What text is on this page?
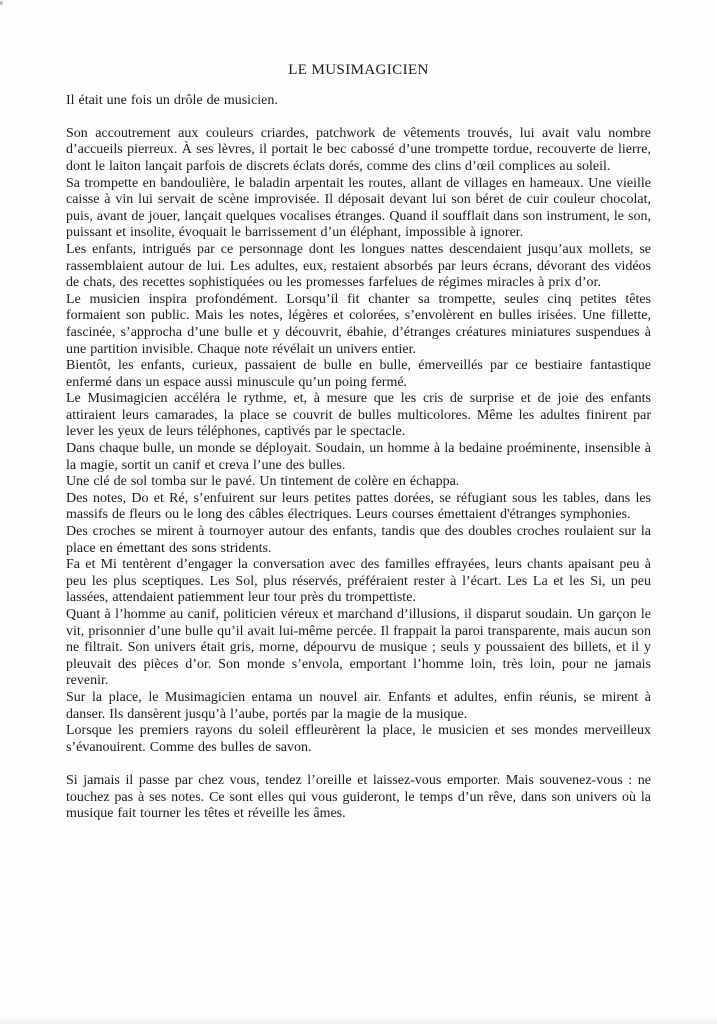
LE MUSIMAGICIEN

Il était une fois un drôle de musicien.

Son accoutrement aux couleurs criardes, patchwork de vêtements trouvés, lui avait valu nombre d’accueils pierreux. À ses lèvres, il portait le bec cabossé d’une trompette tordue, recouverte de lierre, dont le laiton lançait parfois de discrets éclats dorés, comme des clins d’œil complices au soleil.

Sa trompette en bandoulière, le baladin arpentait les routes, allant de villages en hameaux. Une vieille caisse à vin lui servait de scène improvisée. Il déposait devant lui son béret de cuir couleur chocolat, puis, avant de jouer, lançait quelques vocalises étranges. Quand il soufflait dans son instrument, le son, puissant et insolite, évoquait le barrissement d’un éléphant, impossible à ignorer.

Les enfants, intrigués par ce personnage dont les longues nattes descendaient jusqu’aux mollets, se rassemblaient autour de lui. Les adultes, eux, restaient absorbés par leurs écrans, dévorant des vidéos de chats, des recettes sophistiquées ou les promesses farfelues de régimes miracles à prix d’or.

Le musicien inspira profondément. Lorsqu’il fit chanter sa trompette, seules cinq petites têtes formaient son public. Mais les notes, légères et colorées, s’envolèrent en bulles irisées. Une fillette, fascinée, s’approcha d’une bulle et y découvrit, ébahie, d’étranges créatures miniatures suspendues à une partition invisible. Chaque note révélait un univers entier.

Bientôt, les enfants, curieux, passaient de bulle en bulle, émerveillés par ce bestiaire fantastique enfermé dans un espace aussi minuscule qu’un poing fermé.

Le Musimagicien accéléra le rythme, et, à mesure que les cris de surprise et de joie des enfants attiraient leurs camarades, la place se couvrit de bulles multicolores. Même les adultes finirent par lever les yeux de leurs téléphones, captivés par le spectacle.

Dans chaque bulle, un monde se déployait. Soudain, un homme à la bedaine proéminente, insensible à la magie, sortit un canif et creva l’une des bulles.

Une clé de sol tomba sur le pavé. Un tintement de colère en échappa.

Des notes, Do et Ré, s’enfuirent sur leurs petites pattes dorées, se réfugiant sous les tables, dans les massifs de fleurs ou le long des câbles électriques. Leurs courses émettaient d'étranges symphonies.

Des croches se mirent à tournoyer autour des enfants, tandis que des doubles croches roulaient sur la place en émettant des sons stridents.

Fa et Mi tentèrent d’engager la conversation avec des familles effrayées, leurs chants apaisant peu à peu les plus sceptiques. Les Sol, plus réservés, préféraient rester à l’écart. Les La et les Si, un peu lassées, attendaient patiemment leur tour près du trompettiste.

Quant à l’homme au canif, politicien véreux et marchand d’illusions, il disparut soudain. Un garçon le vit, prisonnier d’une bulle qu’il avait lui-même percée. Il frappait la paroi transparente, mais aucun son ne filtrait. Son univers était gris, morne, dépourvu de musique ; seuls y poussaient des billets, et il y pleuvait des pièces d’or. Son monde s’envola, emportant l’homme loin, très loin, pour ne jamais revenir.

Sur la place, le Musimagicien entama un nouvel air. Enfants et adultes, enfin réunis, se mirent à danser. Ils dansèrent jusqu’à l’aube, portés par la magie de la musique.

Lorsque les premiers rayons du soleil effleurèrent la place, le musicien et ses mondes merveilleux s’évanouirent. Comme des bulles de savon.

Si jamais il passe par chez vous, tendez l’oreille et laissez-vous emporter. Mais souvenez-vous : ne touchez pas à ses notes. Ce sont elles qui vous guideront, le temps d’un rêve, dans son univers où la musique fait tourner les têtes et réveille les âmes.
